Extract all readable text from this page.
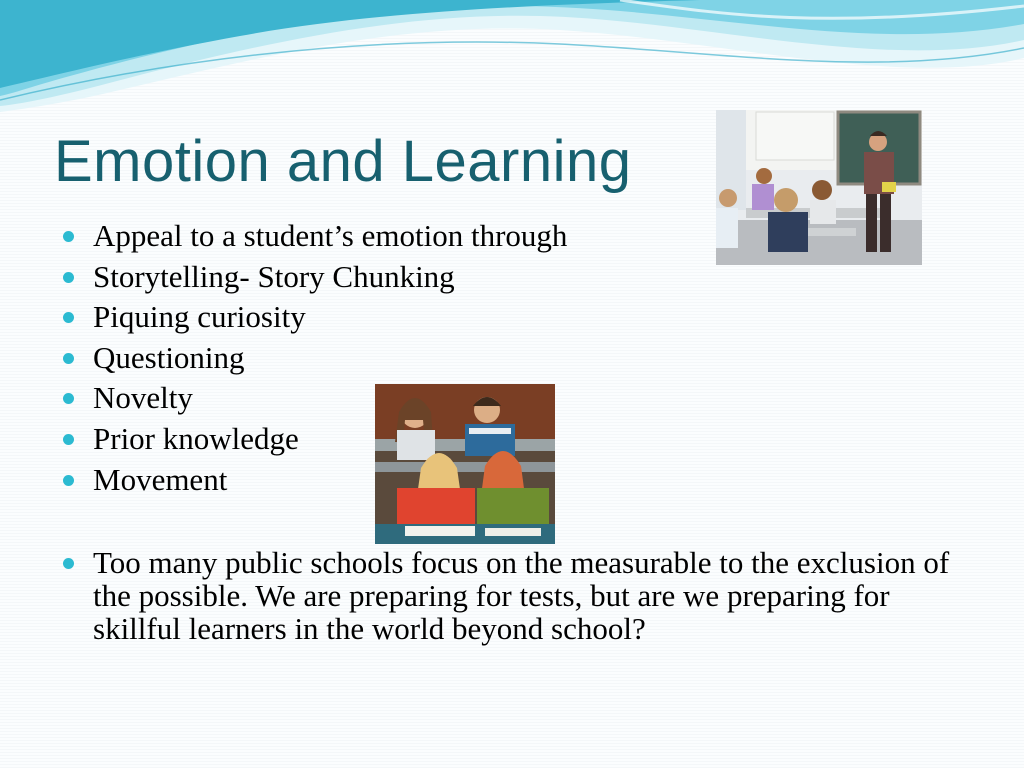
Emotion and Learning
Appeal to a student’s emotion through
Storytelling- Story Chunking
Piquing curiosity
Questioning
Novelty
Prior knowledge
Movement
Too many public schools focus on the measurable to the exclusion of the possible. We are preparing for tests, but are we preparing for skillful learners in the world beyond school?
